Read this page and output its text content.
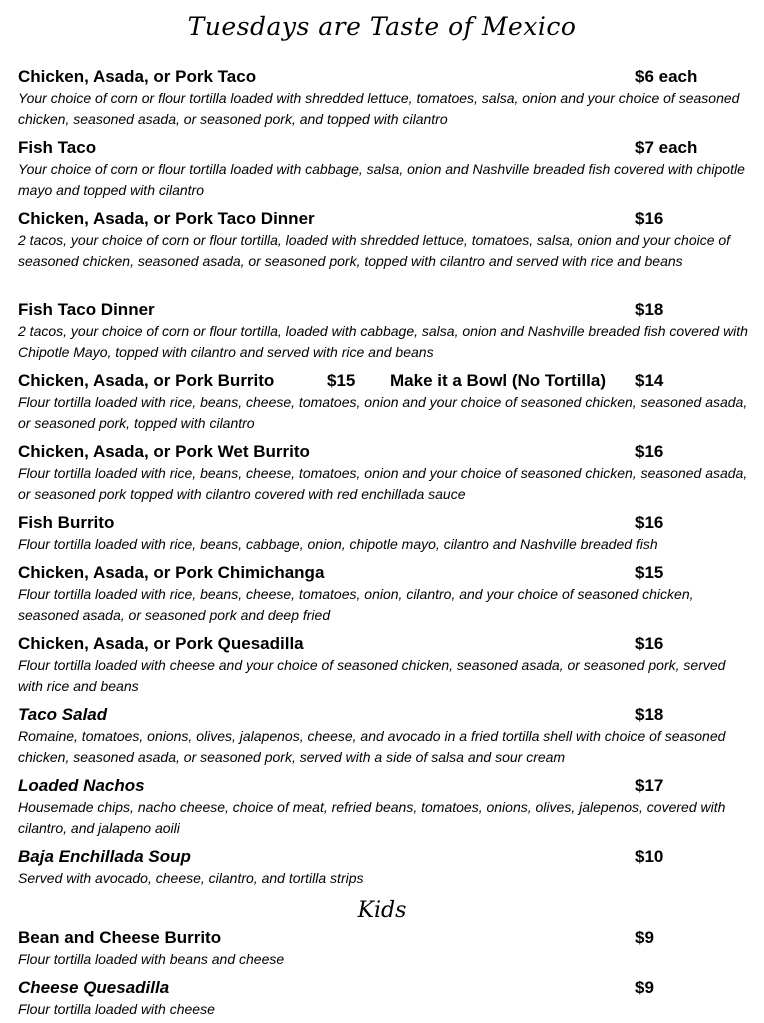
Tuesdays are Taste of Mexico
Chicken, Asada, or Pork Taco	$6 each
Your choice of corn or flour tortilla loaded with shredded lettuce, tomatoes, salsa, onion and your choice of seasoned chicken, seasoned asada, or seasoned pork, and topped with cilantro
Fish Taco	$7 each
Your choice of corn or flour tortilla loaded with cabbage, salsa, onion and Nashville breaded fish covered with chipotle mayo and topped with cilantro
Chicken, Asada, or Pork Taco Dinner	$16
2 tacos, your choice of corn or flour tortilla, loaded with shredded lettuce, tomatoes, salsa, onion and your choice of seasoned chicken, seasoned asada, or seasoned pork, topped with cilantro and served with rice and beans
Fish Taco Dinner	$18
2 tacos, your choice of corn or flour tortilla, loaded with cabbage, salsa, onion and Nashville breaded fish covered with Chipotle Mayo, topped with cilantro and served with rice and beans
Chicken, Asada, or Pork Burrito	$15 Make it a Bowl (No Tortilla) $14
Flour tortilla loaded with rice, beans, cheese, tomatoes, onion and your choice of seasoned chicken, seasoned asada, or seasoned pork, topped with cilantro
Chicken, Asada, or Pork Wet Burrito	$16
Flour tortilla loaded with rice, beans, cheese, tomatoes, onion and your choice of seasoned chicken, seasoned asada, or seasoned pork topped with cilantro covered with red enchillada sauce
Fish Burrito	$16
Flour tortilla loaded with rice, beans, cabbage, onion, chipotle mayo, cilantro and Nashville breaded fish
Chicken, Asada, or Pork Chimichanga	$15
Flour tortilla loaded with rice, beans, cheese, tomatoes, onion, cilantro, and your choice of seasoned chicken, seasoned asada, or seasoned pork and deep fried
Chicken, Asada, or Pork Quesadilla	$16
Flour tortilla loaded with cheese and your choice of seasoned chicken, seasoned asada, or seasoned pork, served with rice and beans
Taco Salad	$18
Romaine, tomatoes, onions, olives, jalapenos, cheese, and avocado in a fried tortilla shell with choice of seasoned chicken, seasoned asada, or seasoned pork, served with a side of salsa and sour cream
Loaded Nachos	$17
Housemade chips, nacho cheese, choice of meat, refried beans, tomatoes, onions, olives, jalepenos, covered with cilantro, and jalapeno aoili
Baja Enchillada Soup	$10
Served with avocado, cheese, cilantro, and tortilla strips
Kids
Bean and Cheese Burrito	$9
Flour tortilla loaded with beans and cheese
Cheese Quesadilla	$9
Flour tortilla loaded with cheese
